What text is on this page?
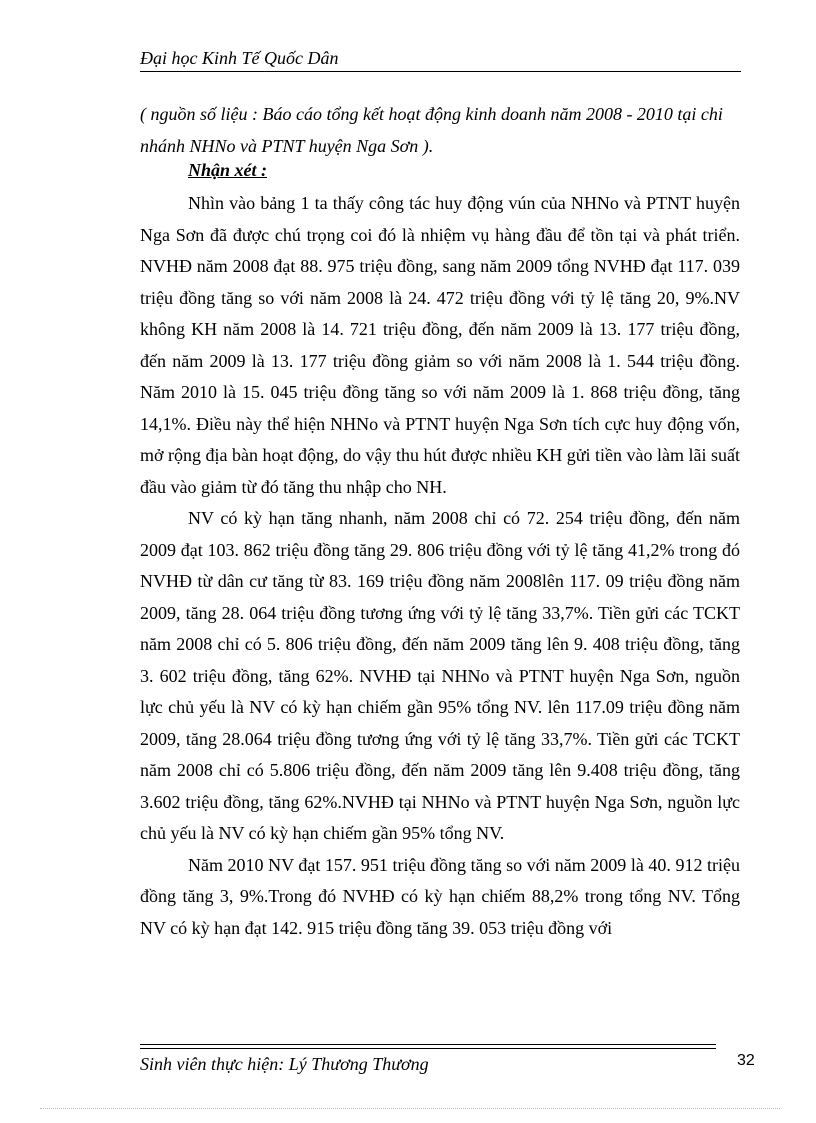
Đại học Kinh Tế Quốc Dân
( nguồn số liệu : Báo cáo tổng kết hoạt động kinh doanh năm 2008 - 2010 tại chi nhánh NHNo và PTNT huyện Nga Sơn ).
Nhận xét :

Nhìn vào bảng 1 ta thấy công tác huy động vún của NHNo và PTNT huyện Nga Sơn đã được chú trọng coi đó là nhiệm vụ hàng đầu để tồn tại và phát triển. NVHĐ năm 2008 đạt 88. 975 triệu đồng, sang năm 2009 tổng NVHĐ đạt 117. 039 triệu đồng tăng so với năm 2008 là 24. 472 triệu đồng với tỷ lệ tăng 20, 9%.NV không KH năm 2008 là 14. 721 triệu đồng, đến năm 2009 là 13. 177 triệu đồng, đến năm 2009 là 13. 177 triệu đồng giảm so với năm 2008 là 1. 544 triệu đồng. Năm 2010 là 15. 045 triệu đồng tăng so với năm 2009 là 1. 868 triệu đồng, tăng 14,1%. Điều này thể hiện NHNo và PTNT huyện Nga Sơn tích cực huy động vốn, mở rộng địa bàn hoạt động, do vậy thu hút được nhiều KH gửi tiền vào làm lãi suất đầu vào giảm từ đó tăng thu nhập cho NH.

NV có kỳ hạn tăng nhanh, năm 2008 chỉ có 72. 254 triệu đồng, đến năm 2009 đạt 103. 862 triệu đồng tăng 29. 806 triệu đồng với tỷ lệ tăng 41,2% trong đó NVHĐ từ dân cư tăng từ 83. 169 triệu đồng năm 2008lên 117. 09 triệu đồng năm 2009, tăng 28. 064 triệu đồng tương ứng với tỷ lệ tăng 33,7%. Tiền gửi các TCKT năm 2008 chỉ có 5. 806 triệu đồng, đến năm 2009 tăng lên 9. 408 triệu đồng, tăng 3. 602 triệu đồng, tăng 62%. NVHĐ tại NHNo và PTNT huyện Nga Sơn, nguồn lực chủ yếu là NV có kỳ hạn chiếm gần 95% tổng NV. lên 117.09 triệu đồng năm 2009, tăng 28.064 triệu đồng tương ứng với tỷ lệ tăng 33,7%. Tiền gửi các TCKT năm 2008 chỉ có 5.806 triệu đồng, đến năm 2009 tăng lên 9.408 triệu đồng, tăng 3.602 triệu đồng, tăng 62%.NVHĐ tại NHNo và PTNT huyện Nga Sơn, nguồn lực chủ yếu là NV có kỳ hạn chiếm gần 95% tổng NV.

Năm 2010 NV đạt 157. 951 triệu đồng tăng so với năm 2009 là 40. 912 triệu đồng tăng 3, 9%.Trong đó NVHĐ có kỳ hạn chiếm 88,2% trong tổng NV. Tổng NV có kỳ hạn đạt 142. 915 triệu đồng tăng 39. 053 triệu đồng với

Sinh viên thực hiện: Lý Thương Thương	32
